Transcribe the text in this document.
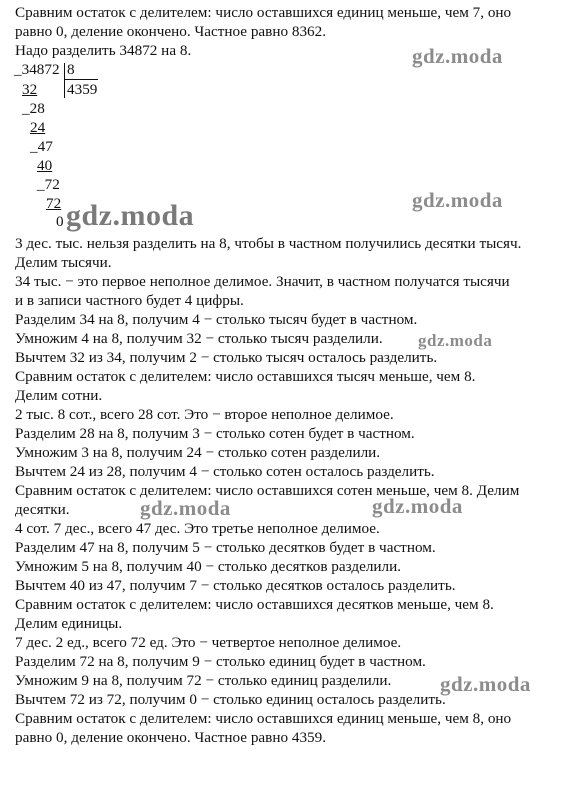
Сравним остаток с делителем: число оставшихся единиц меньше, чем 7, оно
равно 0, деление окончено. Частное равно 8362.
Надо разделить 34872 на 8.
_34872 8
4359
32
_28
24
_47
40
_72
72
0
3 дес. тыс. нельзя разделить на 8, чтобы в частном получились десятки тысяч.
Делим тысячи.
34 тыс. − это первое неполное делимое. Значит, в частном получатся тысячи
и в записи частного будет 4 цифры.
Разделим 34 на 8, получим 4 − столько тысяч будет в частном.
Умножим 4 на 8, получим 32 − столько тысяч разделили.
Вычтем 32 из 34, получим 2 − столько тысяч осталось разделить.
Сравним остаток с делителем: число оставшихся тысяч меньше, чем 8.
Делим сотни.
2 тыс. 8 сот., всего 28 сот. Это − второе неполное делимое.
Разделим 28 на 8, получим 3 − столько сотен будет в частном.
Умножим 3 на 8, получим 24 − столько сотен разделили.
Вычтем 24 из 28, получим 4 − столько сотен осталось разделить.
Сравним остаток с делителем: число оставшихся сотен меньше, чем 8. Делим
десятки.
4 сот. 7 дес., всего 47 дес. Это третье неполное делимое.
Разделим 47 на 8, получим 5 − столько десятков будет в частном.
Умножим 5 на 8, получим 40 − столько десятков разделили.
Вычтем 40 из 47, получим 7 − столько десятков осталось разделить.
Сравним остаток с делителем: число оставшихся десятков меньше, чем 8.
Делим единицы.
7 дес. 2 ед., всего 72 ед. Это − четвертое неполное делимое.
Разделим 72 на 8, получим 9 − столько единиц будет в частном.
Умножим 9 на 8, получим 72 − столько единиц разделили.
Вычтем 72 из 72, получим 0 − столько единиц осталось разделить.
Сравним остаток с делителем: число оставшихся единиц меньше, чем 8, оно
равно 0, деление окончено. Частное равно 4359.
gdz.moda
gdz.moda
gdz.moda
gdz.moda
gdz.moda	gdz.moda
gdz.moda
